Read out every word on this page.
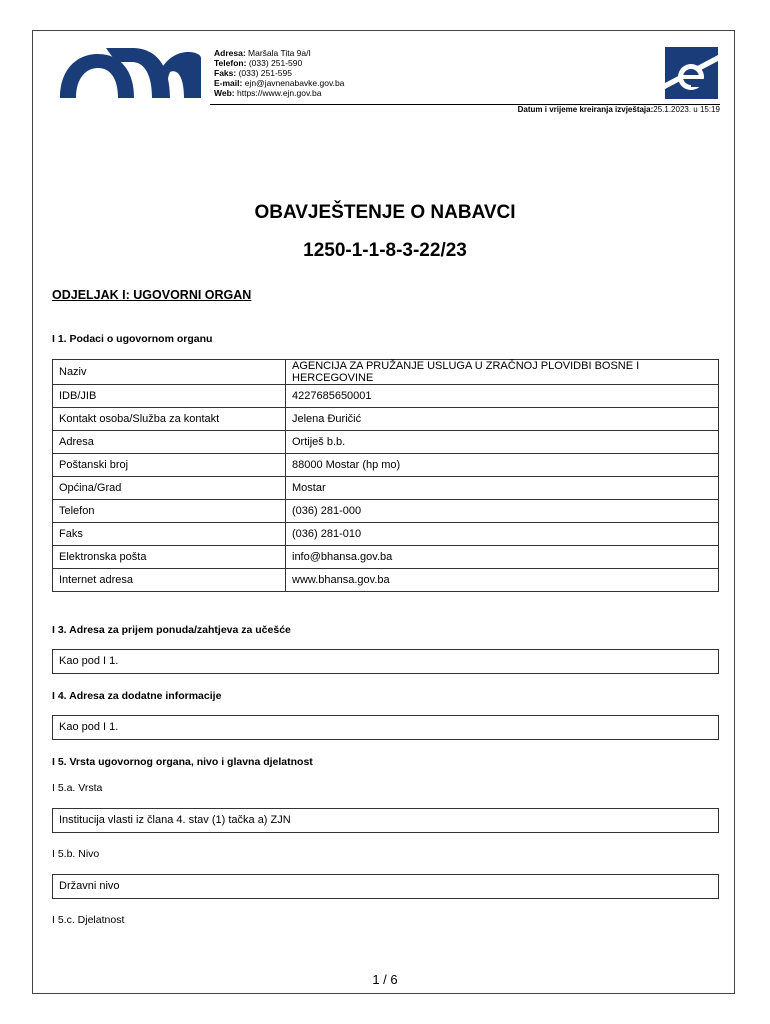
Adresa: Maršala Tita 9a/I
Telefon: (033) 251-590
Faks: (033) 251-595
E-mail: ejn@javnenabavke.gov.ba
Web: https://www.ejn.gov.ba
Datum i vrijeme kreiranja izvještaja:25.1.2023. u 15:19
OBAVJEŠTENJE O NABAVCI
1250-1-1-8-3-22/23
ODJELJAK I: UGOVORNI ORGAN
I 1. Podaci o ugovornom organu
Naziv	AGENCIJA ZA PRUŽANJE USLUGA U ZRAČNOJ PLOVIDBI BOSNE I HERCEGOVINE
IDB/JIB	4227685650001
Kontakt osoba/Služba za kontakt	Jelena Đuričić
Adresa	Ortiješ b.b.
Poštanski broj	88000 Mostar (hp mo)
Općina/Grad	Mostar
Telefon	(036) 281-000
Faks	(036) 281-010
Elektronska pošta	info@bhansa.gov.ba
Internet adresa	www.bhansa.gov.ba
I 3. Adresa za prijem ponuda/zahtjeva za učešće
Kao pod I 1.
I 4. Adresa za dodatne informacije
Kao pod I 1.
I 5. Vrsta ugovornog organa, nivo i glavna djelatnost
I 5.a. Vrsta
Institucija vlasti iz člana 4. stav (1) tačka a) ZJN
I 5.b. Nivo
Državni nivo
I 5.c. Djelatnost
1 / 6
